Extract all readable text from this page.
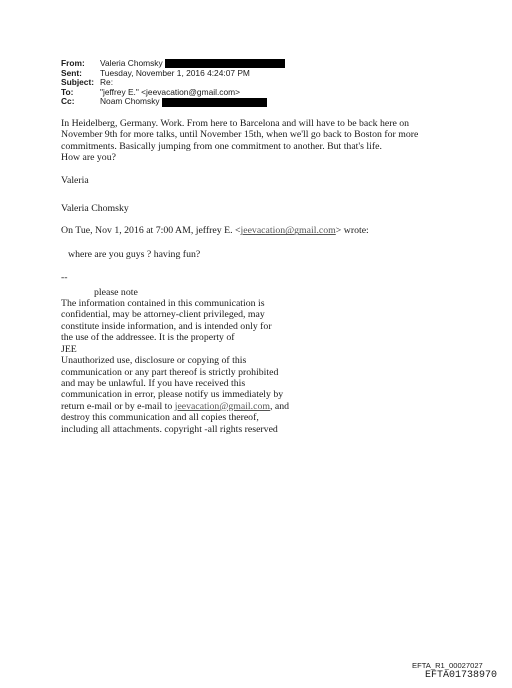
From:	Valeria Chomsky
Sent:	Tuesday, November 1, 2016 4:24:07 PM
Subject: Re:
To:	"jeffrey E." <jeevacation@gmail.com>
Cc:	Noam Chomsky

In Heidelberg, Germany. Work. From here to Barcelona and will have to be back here on

November 9th for more talks, until November 15th, when we'll go back to Boston for more

commitments. Basically jumping from one commitment to another. But that's life.

How are you?

Valeria

Valeria Chomsky

On Tue, Nov 1, 2016 at 7:00 AM, jeffrey E. <jeevacation@gmail.com> wrote:

where are you guys ? having fun?

--

please note

The information contained in this communication is

confidential, may be attorney-client privileged, may

constitute inside information, and is intended only for

the use of the addressee. It is the property of

JEE

Unauthorized use, disclosure or copying of this

communication or any part thereof is strictly prohibited

and may be unlawful. If you have received this

communication in error, please notify us immediately by

return e-mail or by e-mail to jeevacation@gmail.com, and

destroy this communication and all copies thereof,

including all attachments. copyright -all rights reserved

EFTA_R1_00027027
EFTA01738970
